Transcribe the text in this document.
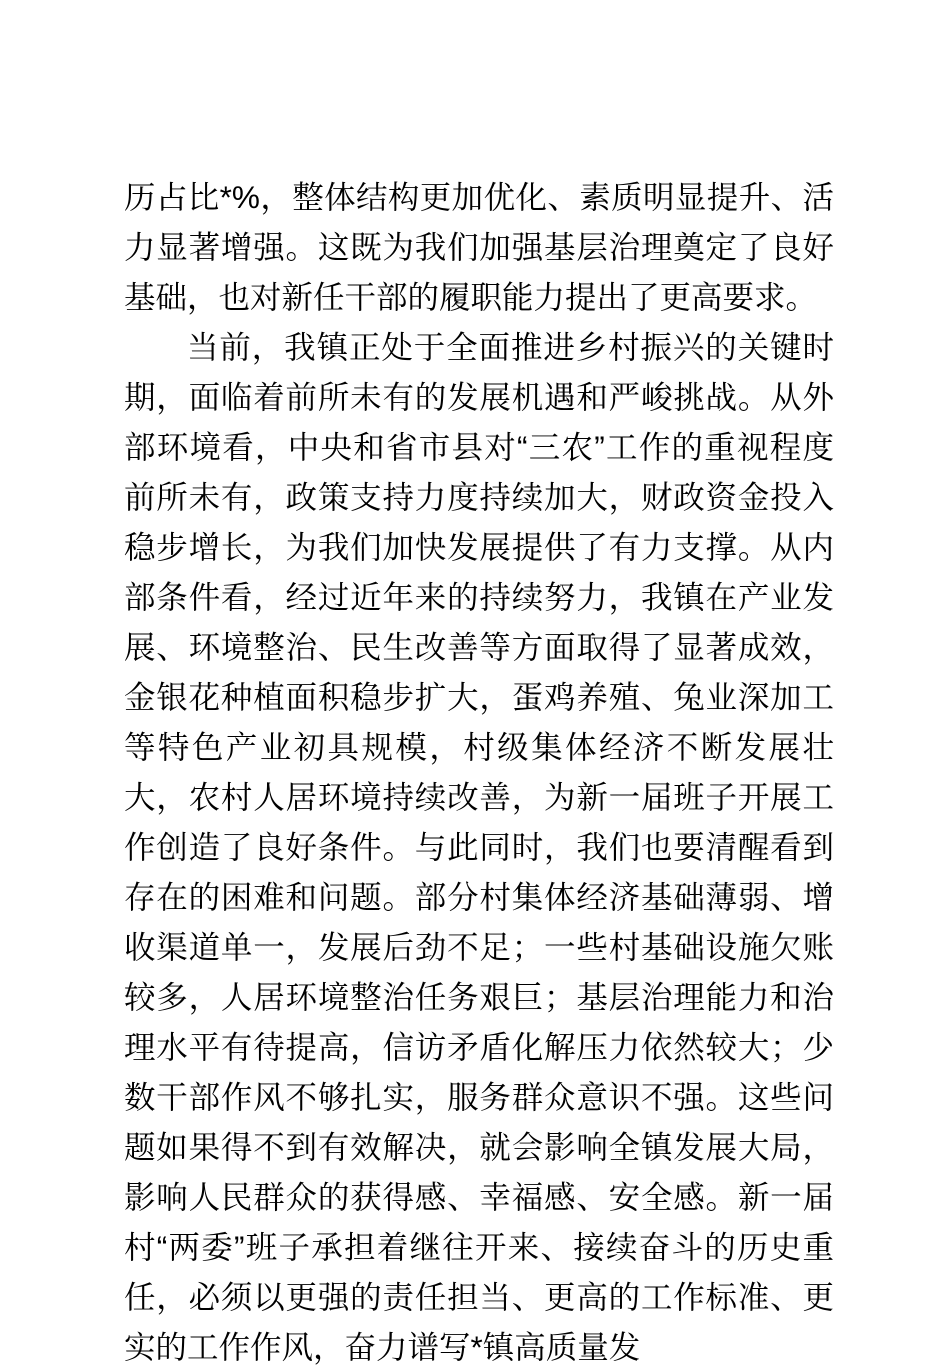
历占比*%，整体结构更加优化、素质明显提升、活力显著增强。这既为我们加强基层治理奠定了良好基础，也对新任干部的履职能力提出了更高要求。

当前，我镇正处于全面推进乡村振兴的关键时期，面临着前所未有的发展机遇和严峻挑战。从外部环境看，中央和省市县对“三农”工作的重视程度前所未有，政策支持力度持续加大，财政资金投入稳步增长，为我们加快发展提供了有力支撑。从内部条件看，经过近年来的持续努力，我镇在产业发展、环境整治、民生改善等方面取得了显著成效，金银花种植面积稳步扩大，蛋鸡养殖、兔业深加工等特色产业初具规模，村级集体经济不断发展壮大，农村人居环境持续改善，为新一届班子开展工作创造了良好条件。与此同时，我们也要清醒看到存在的困难和问题。部分村集体经济基础薄弱、增收渠道单一，发展后劲不足；一些村基础设施欠账较多，人居环境整治任务艰巨；基层治理能力和治理水平有待提高，信访矛盾化解压力依然较大；少数干部作风不够扎实，服务群众意识不强。这些问题如果得不到有效解决，就会影响全镇发展大局，影响人民群众的获得感、幸福感、安全感。新一届村“两委”班子承担着继往开来、接续奋斗的历史重任，必须以更强的责任担当、更高的工作标准、更实的工作作风，奋力谱写*镇高质量发
